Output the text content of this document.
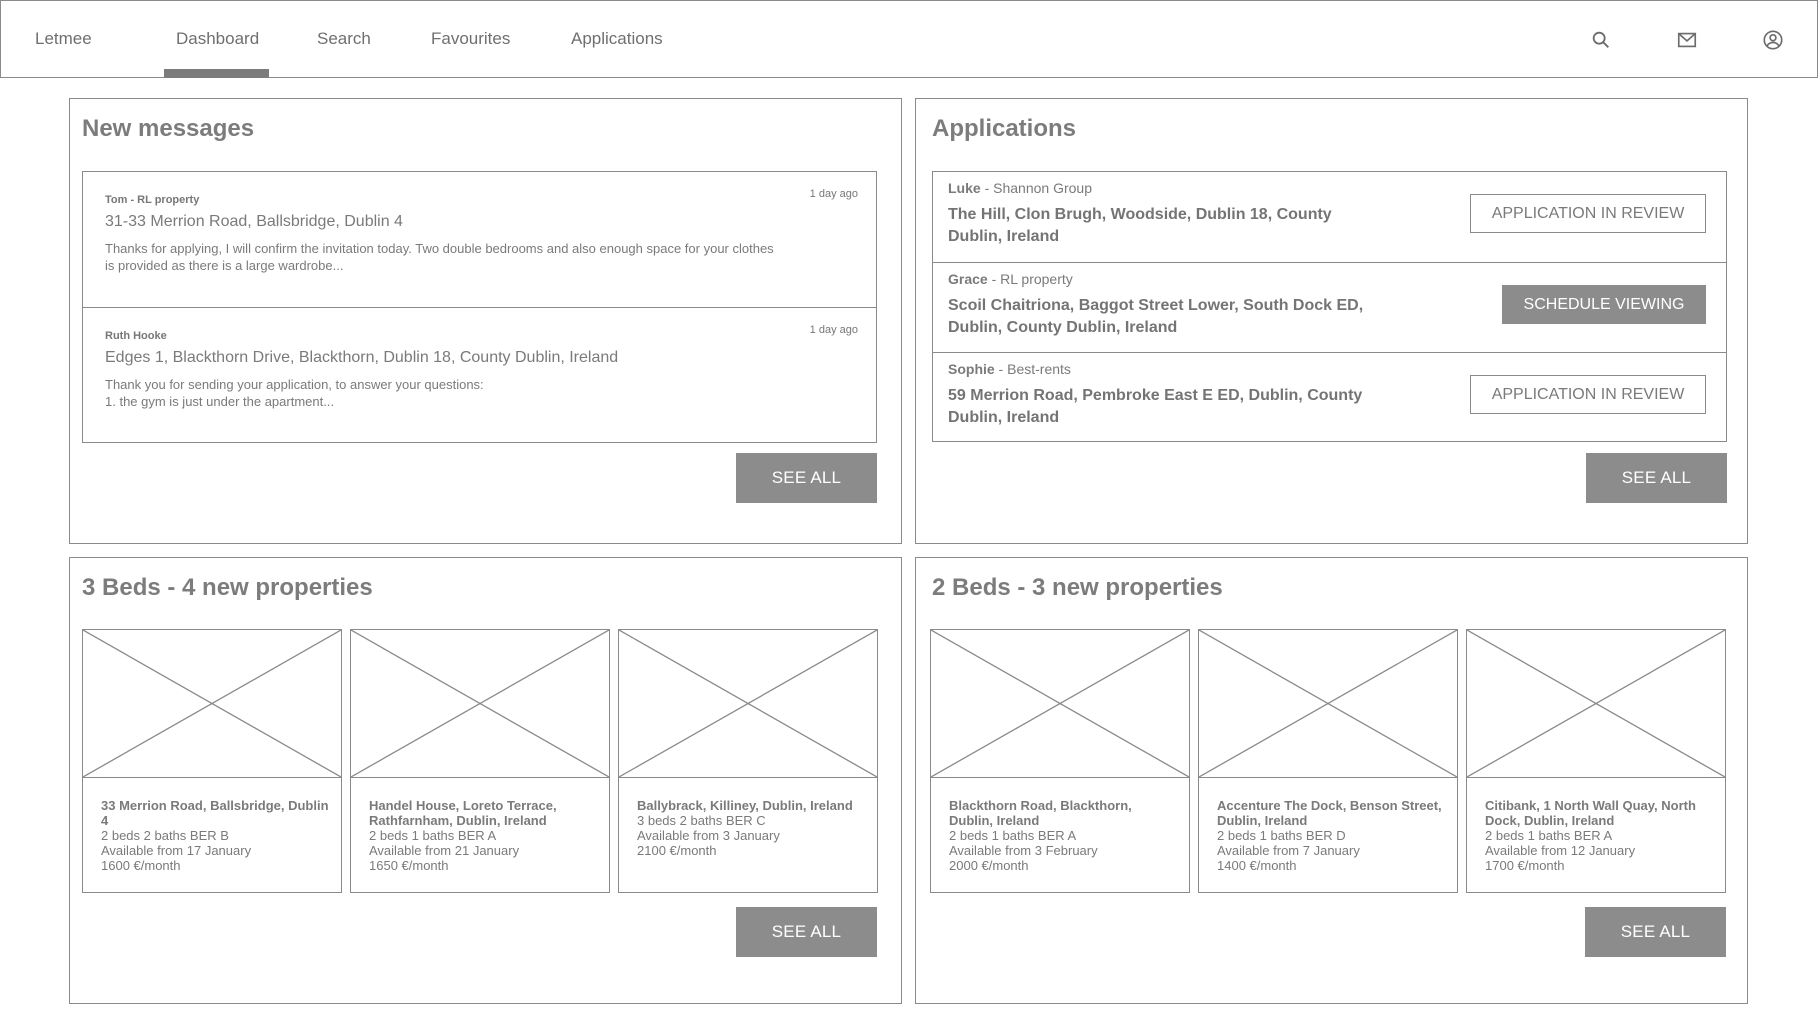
Letmee	Dashboard	Search	Favourites	Applications
New messages
Tom - RL property	1 day ago
31-33 Merrion Road, Ballsbridge, Dublin 4
Thanks for applying, I will confirm the invitation today. Two double bedrooms and also enough space for your clothes
is provided as there is a large wardrobe...
Ruth Hooke	1 day ago
Edges 1, Blackthorn Drive, Blackthorn, Dublin 18, County Dublin, Ireland
Thank you for sending your application, to answer your questions:
1. the gym is just under the apartment...
SEE ALL
Applications
Luke - Shannon Group
The Hill, Clon Brugh, Woodside, Dublin 18, County Dublin, Ireland
APPLICATION IN REVIEW
Grace - RL property
Scoil Chaitriona, Baggot Street Lower, South Dock ED, Dublin, County Dublin, Ireland
SCHEDULE VIEWING
Sophie - Best-rents
59 Merrion Road, Pembroke East E ED, Dublin, County Dublin, Ireland
APPLICATION IN REVIEW
SEE ALL
3 Beds - 4 new properties
33 Merrion Road, Ballsbridge, Dublin 4
2 beds 2 baths BER B
Available from 17 January
1600 €/month
Handel House, Loreto Terrace, Rathfarnham, Dublin, Ireland
2 beds 1 baths BER A
Available from 21 January
1650 €/month
Ballybrack, Killiney, Dublin, Ireland
3 beds 2 baths BER C
Available from 3 January
2100 €/month
SEE ALL
2 Beds - 3 new properties
Blackthorn Road, Blackthorn, Dublin, Ireland
2 beds 1 baths BER A
Available from 3 February
2000 €/month
Accenture The Dock, Benson Street, Dublin, Ireland
2 beds 1 baths BER D
Available from 7 January
1400 €/month
Citibank, 1 North Wall Quay, North Dock, Dublin, Ireland
2 beds 1 baths BER A
Available from 12 January
1700 €/month
SEE ALL
